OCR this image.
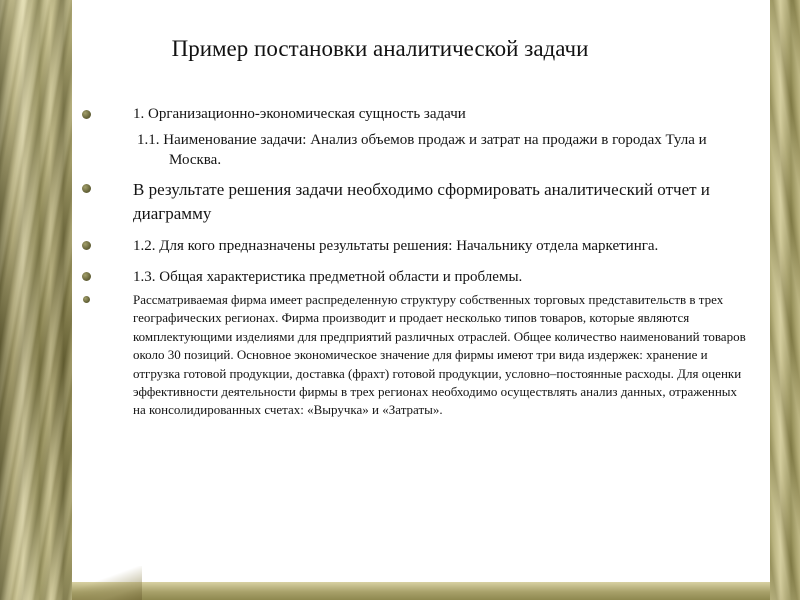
Пример постановки аналитической задачи
1. Организационно-экономическая сущность задачи
1.1. Наименование задачи: Анализ объемов продаж и затрат на продажи в городах Тула и Москва.
В результате решения задачи необходимо сформировать аналитический отчет и диаграмму
1.2. Для кого предназначены результаты решения: Начальнику отдела маркетинга.
1.3. Общая характеристика предметной области и проблемы.
Рассматриваемая фирма имеет распределенную структуру собственных торговых представительств в трех географических регионах. Фирма производит и продает несколько типов товаров, которые являются комплектующими изделиями для предприятий различных отраслей. Общее количество наименований товаров около 30 позиций. Основное экономическое значение для фирмы имеют три вида издержек: хранение и отгрузка готовой продукции, доставка (фрахт) готовой продукции, условно–постоянные расходы. Для оценки эффективности деятельности фирмы в трех регионах необходимо осуществлять анализ данных, отраженных на консолидированных счетах: «Выручка» и «Затраты».
